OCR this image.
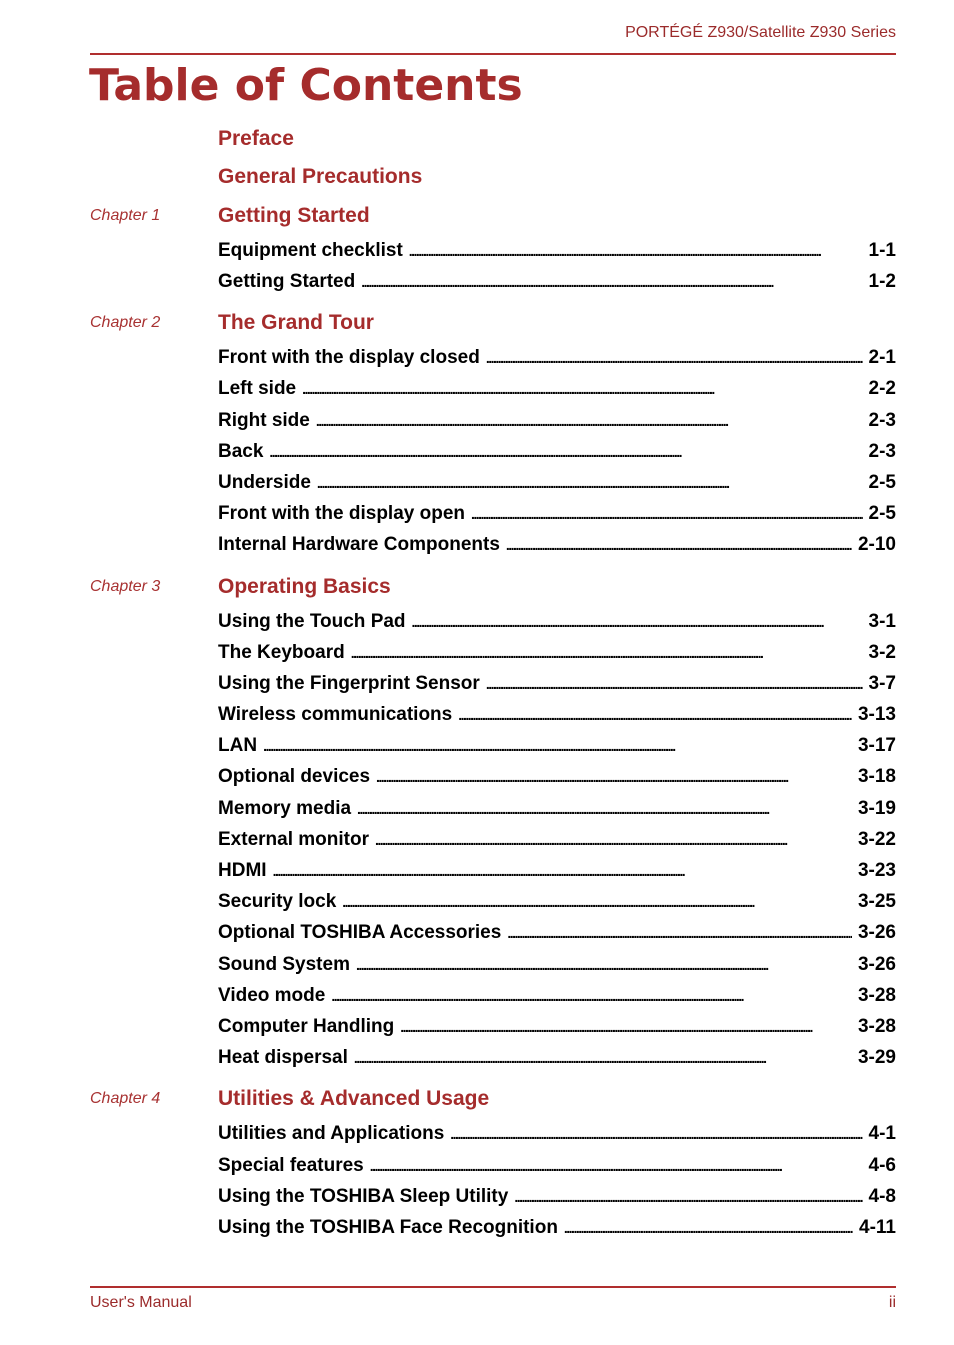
PORTÉGÉ Z930/Satellite Z930 Series
Table of Contents
Preface
General Precautions
Chapter 1	Getting Started
Equipment checklist . . .	1-1
Getting Started . . .	1-2
Chapter 2	The Grand Tour
Front with the display closed . . .	2-1
Left side . . .	2-2
Right side . . .	2-3
Back . . .	2-3
Underside . . .	2-5
Front with the display open . . .	2-5
Internal Hardware Components . . .	2-10
Chapter 3	Operating Basics
Using the Touch Pad . . .	3-1
The Keyboard . . .	3-2
Using the Fingerprint Sensor . . .	3-7
Wireless communications . . .	3-13
LAN . . .	3-17
Optional devices . . .	3-18
Memory media . . .	3-19
External monitor . . .	3-22
HDMI . . .	3-23
Security lock . . .	3-25
Optional TOSHIBA Accessories . . .	3-26
Sound System . . .	3-26
Video mode . . .	3-28
Computer Handling . . .	3-28
Heat dispersal . . .	3-29
Chapter 4	Utilities & Advanced Usage
Utilities and Applications . . .	4-1
Special features . . .	4-6
Using the TOSHIBA Sleep Utility . . .	4-8
Using the TOSHIBA Face Recognition . . .	4-11
User's Manual	ii
